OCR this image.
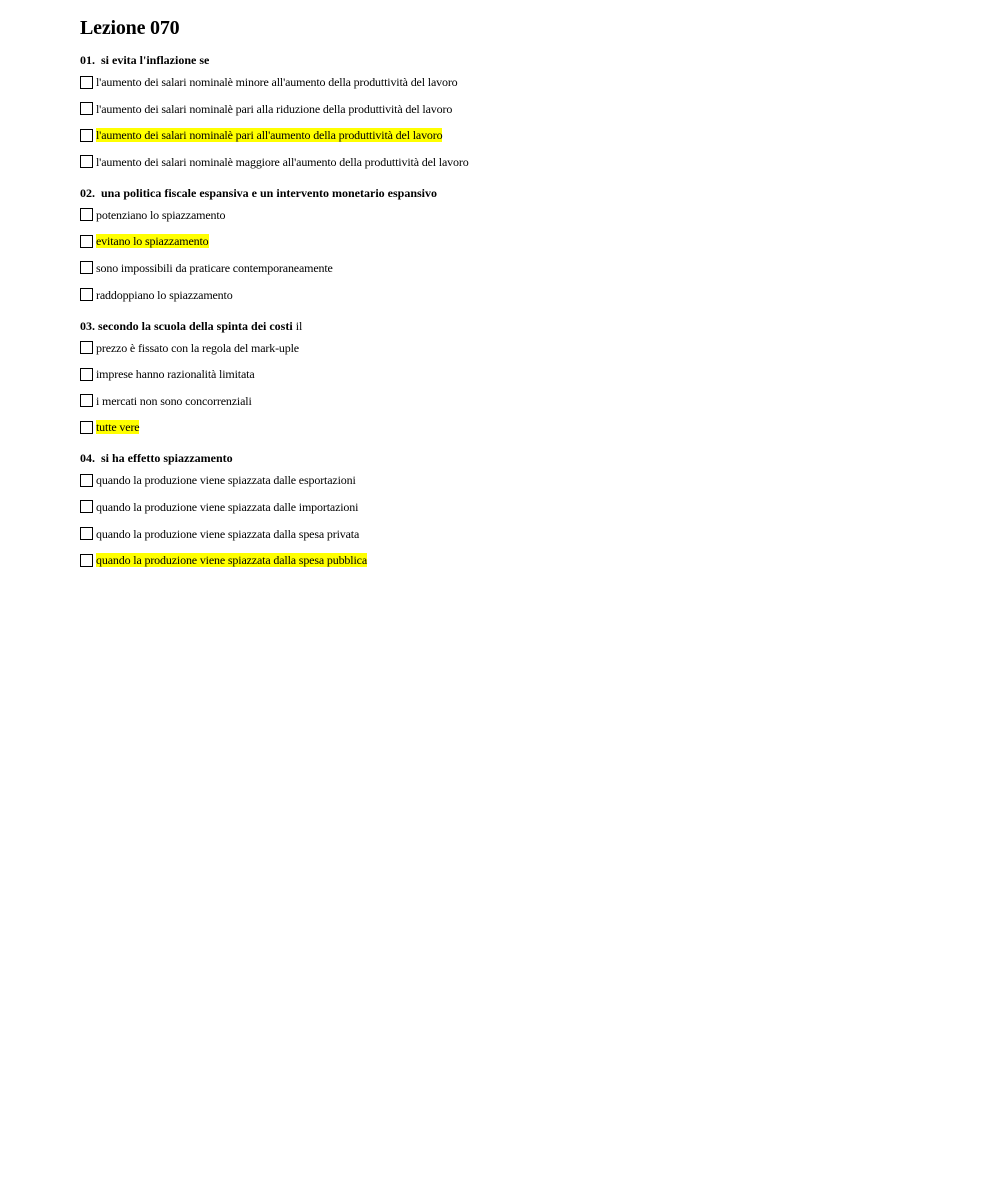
Lezione 070
01. si evita l'inflazione se
l'aumento dei salari nominalè minore all'aumento della produttività del lavoro
l'aumento dei salari nominalè pari alla riduzione della produttività del lavoro
l'aumento dei salari nominalè pari all'aumento della produttività del lavoro
l'aumento dei salari nominalè maggiore all'aumento della produttività del lavoro
02. una politica fiscale espansiva e un intervento monetario espansivo
potenziano lo spiazzamento
evitano lo spiazzamento
sono impossibili da praticare contemporaneamente
raddoppiano lo spiazzamento
03. secondo la scuola della spinta dei costi il
prezzo è fissato con la regola del mark-uple
imprese hanno razionalità limitata
i mercati non sono concorrenziali
tutte vere
04. si ha effetto spiazzamento
quando la produzione viene spiazzata dalle esportazioni
quando la produzione viene spiazzata dalle importazioni
quando la produzione viene spiazzata dalla spesa privata
quando la produzione viene spiazzata dalla spesa pubblica
